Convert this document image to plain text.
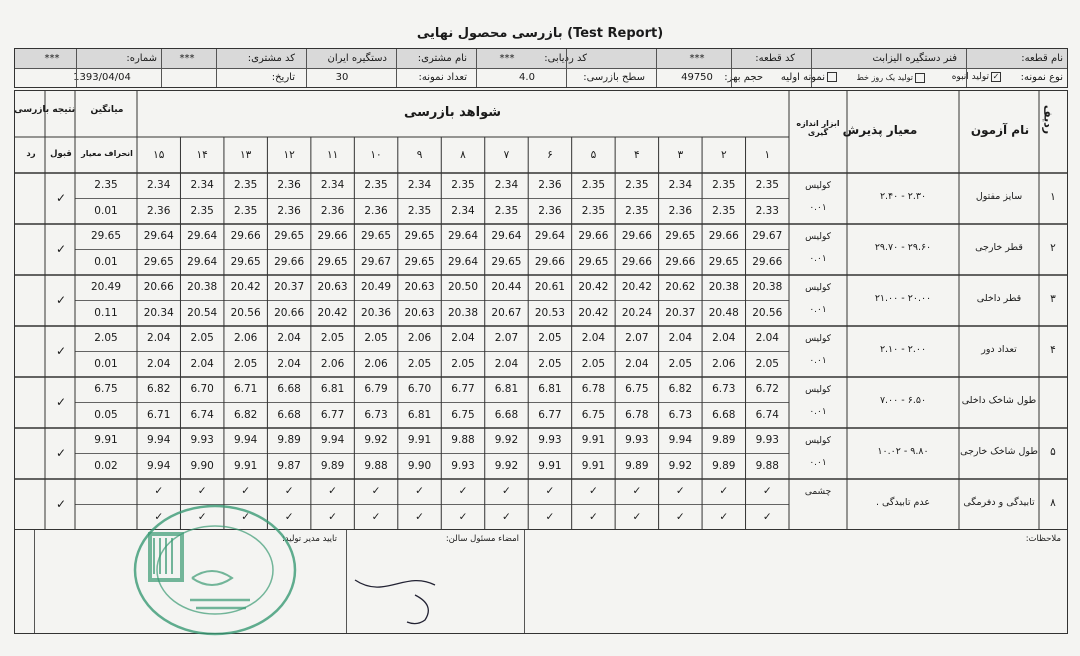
بازرسی محصول نهایی (Test Report)
نام قطعه:
فنر دستگیره الیزابت
کد قطعه:
***
کد ردیابی:
***
نام مشتری:
دستگیره ایران
کد مشتری:
***
شماره:
***
نوع نمونه:
✓تولید انبوه
تولید یک روز خط
نمونه اولیه
حجم بهر:
49750
سطح بازرسی:
4.0
تعداد نمونه:
30
تاریخ:
1393/04/04
ردیف
نام آزمون
معیار پذیرش
ابزار اندازه گیری
شواهد بازرسی
میانگین
انحراف معیار
نتیجه بازرسی
قبول
رد	۱
۲
۳
۴
۵
۶
۷
۸
۹
۱۰
۱۱
۱۲
۱۳
۱۴
۱۵
۱
سایز مفتول
۲.۳۰ - ۲.۴۰
کولیس
۰.۰۱
2.35
2.35
2.34
2.35
2.35
2.36
2.34
2.35
2.34
2.35
2.34
2.36
2.35
2.34
2.34
2.33
2.35
2.36
2.35
2.35
2.36
2.35
2.34
2.35
2.36
2.36
2.36
2.35
2.35
2.36
2.35
0.01
✓
۲
قطر خارجی
۲۹.۶۰ - ۲۹.۷۰
کولیس
۰.۰۱
29.67
29.66
29.65
29.66
29.66
29.64
29.64
29.64
29.65
29.65
29.66
29.65
29.66
29.64
29.64
29.66
29.65
29.66
29.66
29.65
29.66
29.65
29.64
29.65
29.67
29.65
29.66
29.65
29.64
29.65
29.65
0.01
✓
۳
قطر داخلی
۲۰.۰۰ - ۲۱.۰۰
کولیس
۰.۰۱
20.38
20.38
20.62
20.42
20.42
20.61
20.44
20.50
20.63
20.49
20.63
20.37
20.42
20.38
20.66
20.56
20.48
20.37
20.24
20.42
20.53
20.67
20.38
20.63
20.36
20.42
20.66
20.56
20.54
20.34
20.49
0.11
✓
۴
تعداد دور
۲.۰۰ - ۲.۱۰
کولیس
۰.۰۱
2.04
2.04
2.04
2.07
2.04
2.05
2.07
2.04
2.06
2.05
2.05
2.04
2.06
2.05
2.04
2.05
2.06
2.05
2.04
2.05
2.05
2.04
2.05
2.05
2.06
2.06
2.04
2.05
2.04
2.04
2.05
0.01
✓
طول شاخک داخلی
۶.۵۰ - ۷.۰۰
کولیس
۰.۰۱
6.72
6.73
6.82
6.75
6.78
6.81
6.81
6.77
6.70
6.79
6.81
6.68
6.71
6.70
6.82
6.74
6.68
6.73
6.78
6.75
6.77
6.68
6.75
6.81
6.73
6.77
6.68
6.82
6.74
6.71
6.75
0.05
✓
۵
طول شاخک خارجی
۹.۸۰ - ۱۰.۰۲
کولیس
۰.۰۱
9.93
9.89
9.94
9.93
9.91
9.93
9.92
9.88
9.91
9.92
9.94
9.89
9.94
9.93
9.94
9.88
9.89
9.92
9.89
9.91
9.91
9.92
9.93
9.90
9.88
9.89
9.87
9.91
9.90
9.94
9.91
0.02
✓
۸
تابیدگی و دفرمگی
عدم تابیدگی .
چشمی
✓
✓
✓
✓
✓
✓
✓
✓
✓
✓
✓
✓
✓
✓
✓
✓
✓
✓
✓
✓
✓
✓
✓
✓
✓
✓
✓
✓
✓
✓
✓
ملاحظات:
امضاء مسئول سالن:
تایید مدیر تولید:
